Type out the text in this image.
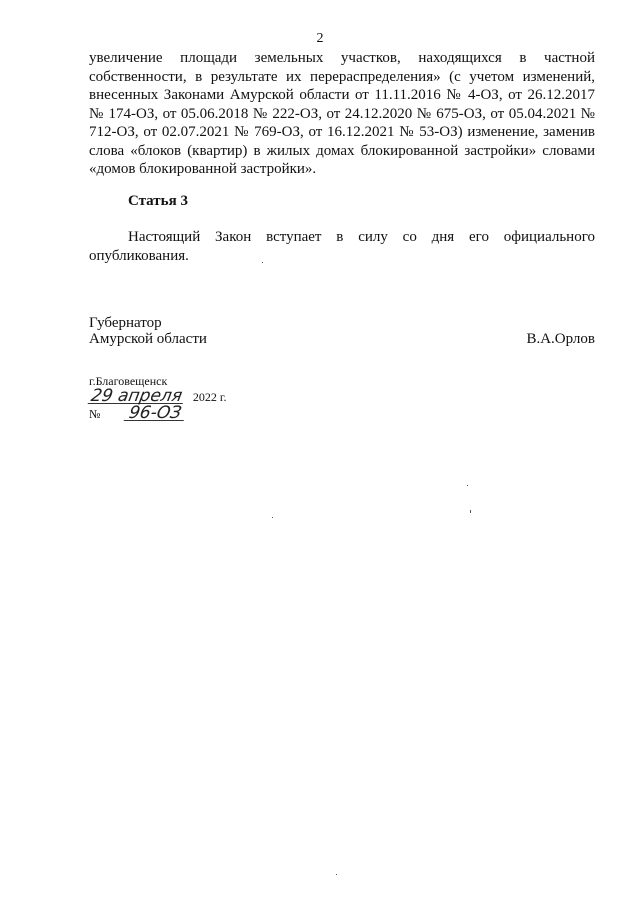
2
увеличение площади земельных участков, находящихся в частной собственности, в результате их перераспределения» (с учетом изменений, внесенных Законами Амурской области от 11.11.2016 № 4-ОЗ, от 26.12.2017 № 174-ОЗ, от 05.06.2018 № 222-ОЗ, от 24.12.2020 № 675-ОЗ, от 05.04.2021 № 712-ОЗ, от 02.07.2021 № 769-ОЗ, от 16.12.2021 № 53-ОЗ) изменение, заменив слова «блоков (квартир) в жилых домах блокированной застройки» словами «домов блокированной застройки».
Статья 3
Настоящий Закон вступает в силу со дня его официального опубликования.
Губернатор
Амурской области	В.А.Орлов
г.Благовещенск
29 апреля 2022 г.
№ 96-ОЗ
